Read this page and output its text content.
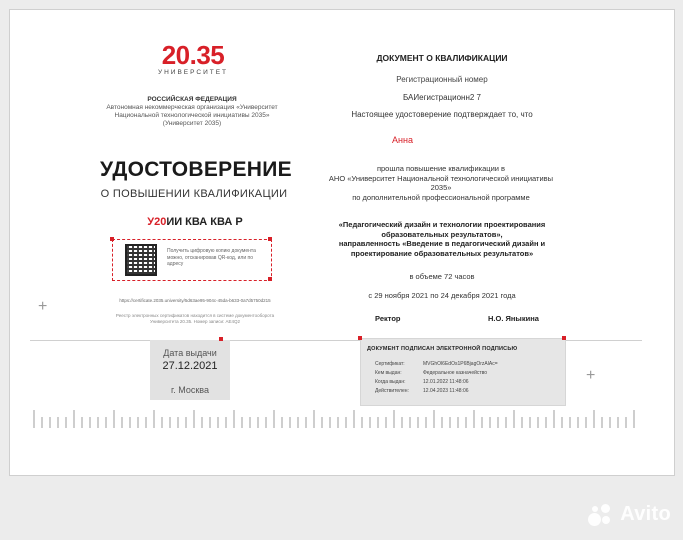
20.35
УНИВЕРСИТЕТ
РОССИЙСКАЯ ФЕДЕРАЦИЯ
Автономная некоммерческая организация «Университет Национальной технологической инициативы 2035» (Университет 2035)
УДОСТОВЕРЕНИЕ
О ПОВЫШЕНИИ КВАЛИФИКАЦИИ
У20ИИ КВА КВА Р
Получить цифровую копию документа можно, отсканировав QR-код, или по адресу
https://certificate.2035.university/5d63ae95-904c-45da-b633-0a7d5750d215
Реестр электронных сертификатов находится в системе документооборота Университета 20.35. Номер записи: AE4Q2
+
+
Дата выдачи
27.12.2021
г. Москва
ДОКУМЕНТ О КВАЛИФИКАЦИИ
Регистрационный номер
БАИегистрационн2 7
Настоящее удостоверение подтверждает то, что
Анна
прошла повышение квалификации в
АНО «Университет Национальной технологической инициативы 2035»
по дополнительной профессиональной программе
«Педагогический дизайн и технологии проектирования образовательных результатов»,
направленность «Введение в педагогический дизайн и проектирование образовательных результатов»
в объеме 72 часов
с 29 ноября 2021 по 24 декабря 2021 года
Ректор	Н.О. Яныкина
ДОКУМЕНТ ПОДПИСАН ЭЛЕКТРОННОЙ ПОДПИСЬЮ
Сертификат:	MVGhOl6EdOs1P6BjagOrzAlAc=
Кем выдан:	Федеральное казначейство
Когда выдан:	12.01.2022 11:48:06
Действителен:	12.04.2023 11:48:06
Avito
